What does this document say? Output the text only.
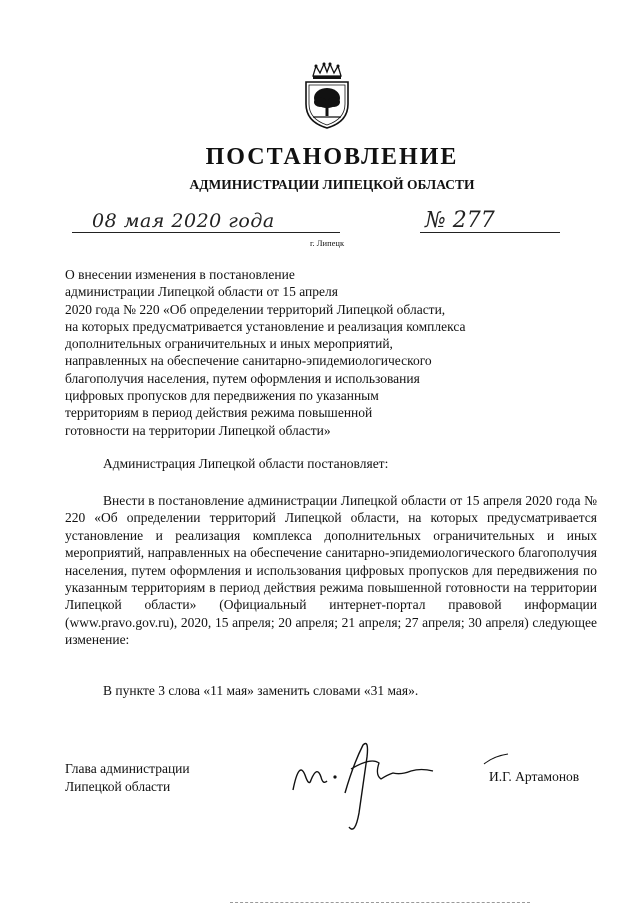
ПОСТАНОВЛЕНИЕ
АДМИНИСТРАЦИИ ЛИПЕЦКОЙ ОБЛАСТИ
08 мая 2020 года
г. Липецк
№ 277
О внесении изменения в постановление
администрации Липецкой области от 15 апреля
2020 года № 220 «Об определении территорий Липецкой области,
на которых предусматривается установление и реализация комплекса
дополнительных ограничительных и иных мероприятий,
направленных на обеспечение санитарно-эпидемиологического
благополучия населения, путем оформления и использования
цифровых пропусков для передвижения по указанным
территориям в период действия режима повышенной
готовности на территории Липецкой области»
Администрация Липецкой области постановляет:
Внести в постановление администрации Липецкой области от 15 апреля 2020 года № 220 «Об определении территорий Липецкой области, на которых предусматривается установление и реализация комплекса дополнительных ограничительных и иных мероприятий, направленных на обеспечение санитарно-эпидемиологического благополучия населения, путем оформления и использования цифровых пропусков для передвижения по указанным территориям в период действия режима повышенной готовности на территории Липецкой области» (Официальный интернет-портал правовой информации (www.pravo.gov.ru), 2020, 15 апреля; 20 апреля; 21 апреля; 27 апреля; 30 апреля) следующее изменение:
В пункте 3 слова «11 мая» заменить словами «31 мая».
Глава администрации
Липецкой области
И.Г. Артамонов
